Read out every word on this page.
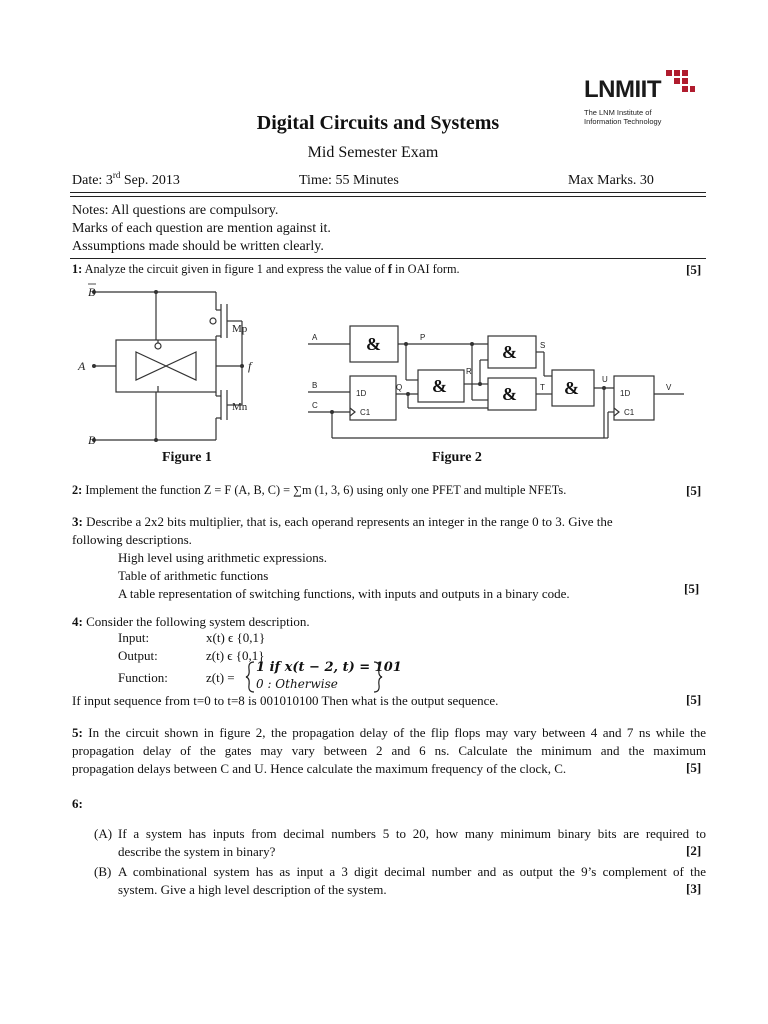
LNMIIT
The LNM Institute of
Information Technology
Digital Circuits and Systems
Mid Semester Exam
Date: 3rd Sep. 2013	Time: 55 Minutes	Max Marks. 30
Notes: All questions are compulsory.
Marks of each question are mention against it.
Assumptions made should be written clearly.
1: Analyze the circuit given in figure 1 and express the value of f in OAI form.	[5]
B
A
B
f
Mp
Mn
Figure 1
&	&
&	&	&
A
B
C
P
Q
R
S
T
U
V
1D
C1
1D
C1
Figure 2
2: Implement the function Z = F (A, B, C) = ∑m (1, 3, 6) using only one PFET and multiple NFETs.	[5]
3: Describe a 2x2 bits multiplier, that is, each operand represents an integer in the range 0 to 3. Give the
following descriptions.
High level using arithmetic expressions.
Table of arithmetic functions
A table representation of switching functions, with inputs and outputs in a binary code.	[5]
4: Consider the following system description.
Input:	x(t) ϵ {0,1}
Output:	z(t) ϵ {0,1}
Function:	z(t) =
1 if x(t − 2, t) = 101
0 : Otherwise
If input sequence from t=0 to t=8 is 001010100 Then what is the output sequence.	[5]
5: In the circuit shown in figure 2, the propagation delay of the flip flops may vary between 4 and 7 ns while the
propagation delay of the gates may vary between 2 and 6 ns. Calculate the minimum and the maximum
propagation delays between C and U. Hence calculate the maximum frequency of the clock, C.	[5]
6:
(A) If a system has inputs from decimal numbers 5 to 20, how many minimum binary bits are required to
describe the system in binary?	[2]
(B) A combinational system has as input a 3 digit decimal number and as output the 9’s complement of the
system. Give a high level description of the system.	[3]
